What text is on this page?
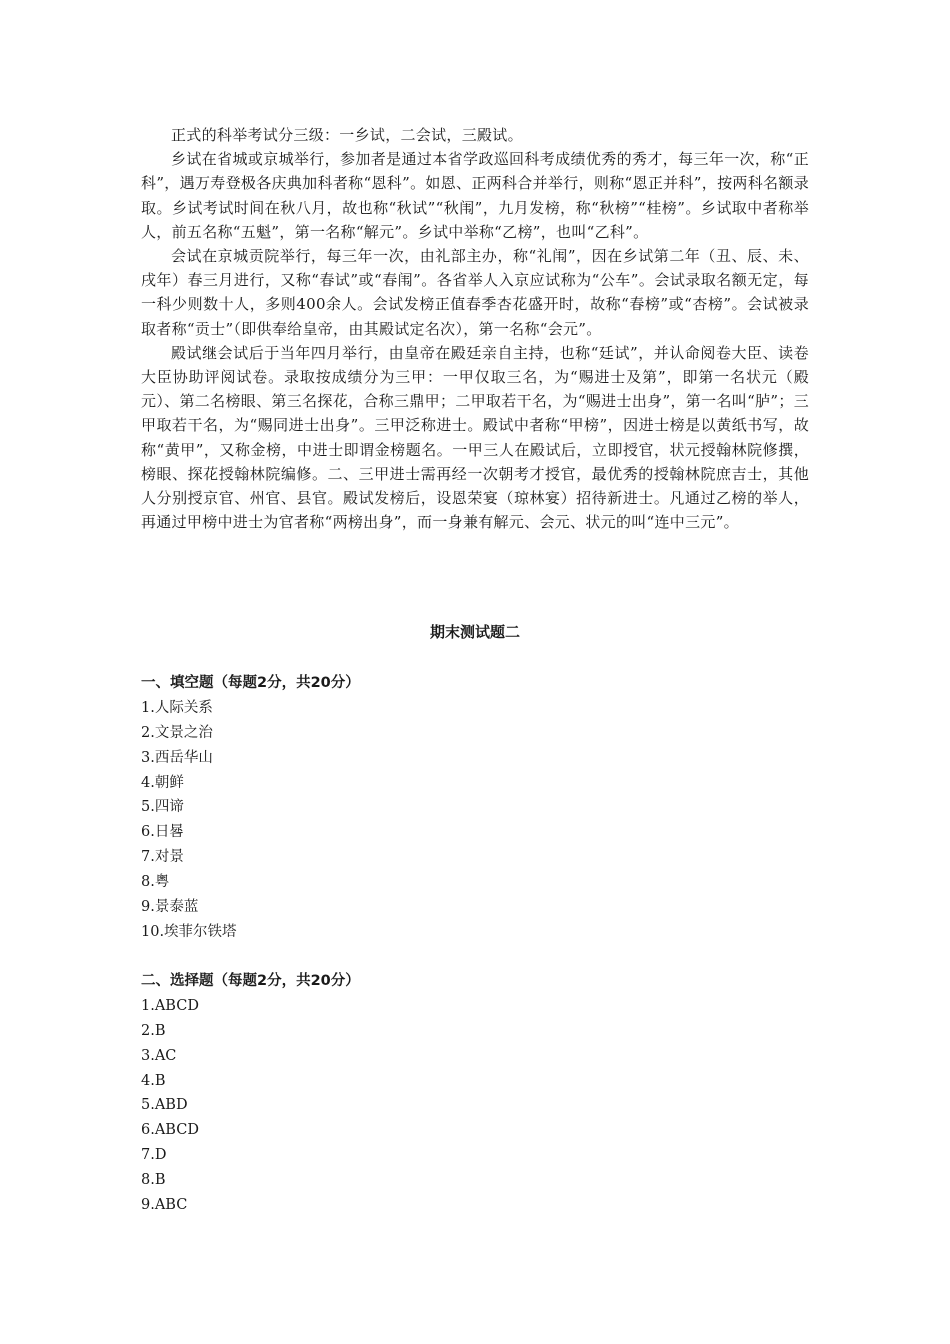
正式的科举考试分三级：一乡试，二会试，三殿试。

乡试在省城或京城举行，参加者是通过本省学政巡回科考成绩优秀的秀才，每三年一次，称“正科”，遇万寿登极各庆典加科者称“恩科”。如恩、正两科合并举行，则称“恩正并科”，按两科名额录取。乡试考试时间在秋八月，故也称“秋试”“秋闱”，九月发榜，称“秋榜”“桂榜”。乡试取中者称举人，前五名称“五魁”，第一名称“解元”。乡试中举称“乙榜”，也叫“乙科”。

会试在京城贡院举行，每三年一次，由礼部主办，称“礼闱”，因在乡试第二年（丑、辰、未、戌年）春三月进行，又称“春试”或“春闱”。各省举人入京应试称为“公车”。会试录取名额无定，每一科少则数十人，多则400余人。会试发榜正值春季杏花盛开时，故称“春榜”或“杏榜”。会试被录取者称“贡士”（即供奉给皇帝，由其殿试定名次），第一名称“会元”。

殿试继会试后于当年四月举行，由皇帝在殿廷亲自主持，也称“廷试”，并认命阅卷大臣、读卷大臣协助评阅试卷。录取按成绩分为三甲：一甲仅取三名，为“赐进士及第”，即第一名状元（殿元）、第二名榜眼、第三名探花，合称三鼎甲；二甲取若干名，为“赐进士出身”，第一名叫“胪”；三甲取若干名，为“赐同进士出身”。三甲泛称进士。殿试中者称“甲榜”，因进士榜是以黄纸书写，故称“黄甲”，又称金榜，中进士即谓金榜题名。一甲三人在殿试后，立即授官，状元授翰林院修撰，榜眼、探花授翰林院编修。二、三甲进士需再经一次朝考才授官，最优秀的授翰林院庶吉士，其他人分别授京官、州官、县官。殿试发榜后，设恩荣宴（琼林宴）招待新进士。凡通过乙榜的举人，再通过甲榜中进士为官者称“两榜出身”，而一身兼有解元、会元、状元的叫“连中三元”。

期末测试题二

一、填空题（每题2分，共20分）

1.人际关系
2.文景之治
3.西岳华山
4.朝鲜
5.四谛
6.日晷
7.对景
8.粤
9.景泰蓝
10.埃菲尔铁塔

二、选择题（每题2分，共20分）

1.ABCD
2.B
3.AC
4.B
5.ABD
6.ABCD
7.D
8.B
9.ABC
